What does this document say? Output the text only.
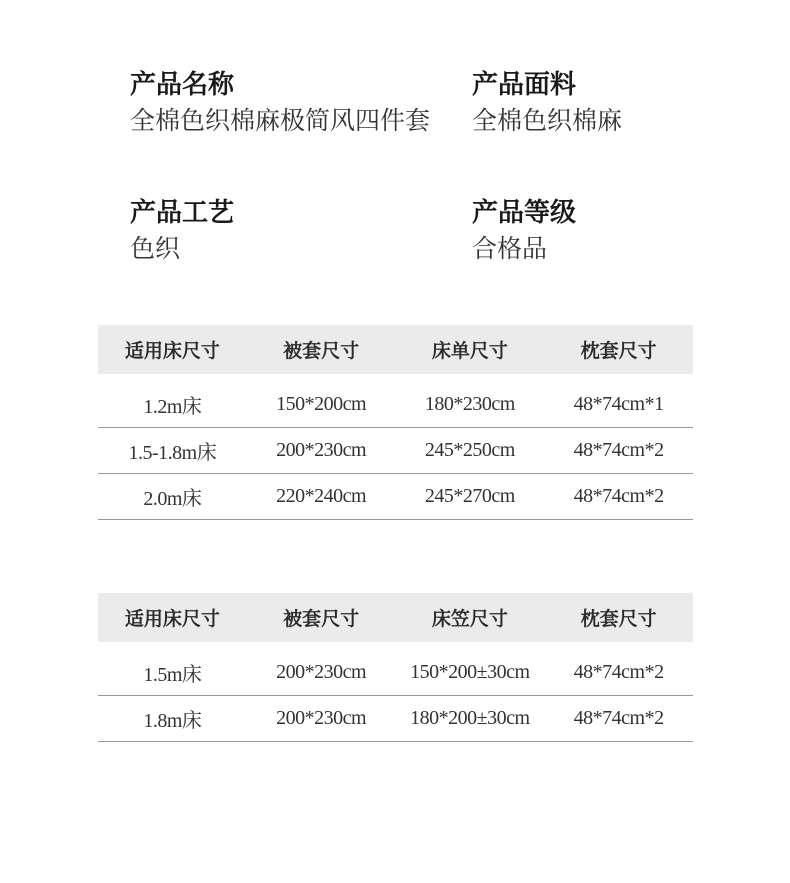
产品名称
全棉色织棉麻极简风四件套
产品面料
全棉色织棉麻
产品工艺
色织
产品等级
合格品
适用床尺寸	被套尺寸	床单尺寸	枕套尺寸

1.2m床	150*200cm	180*230cm	48*74cm*1
1.5-1.8m床	200*230cm	245*250cm	48*74cm*2
2.0m床	220*240cm	245*270cm	48*74cm*2
适用床尺寸	被套尺寸	床笠尺寸	枕套尺寸

1.5m床	200*230cm	150*200±30cm	48*74cm*2
1.8m床	200*230cm	180*200±30cm	48*74cm*2
